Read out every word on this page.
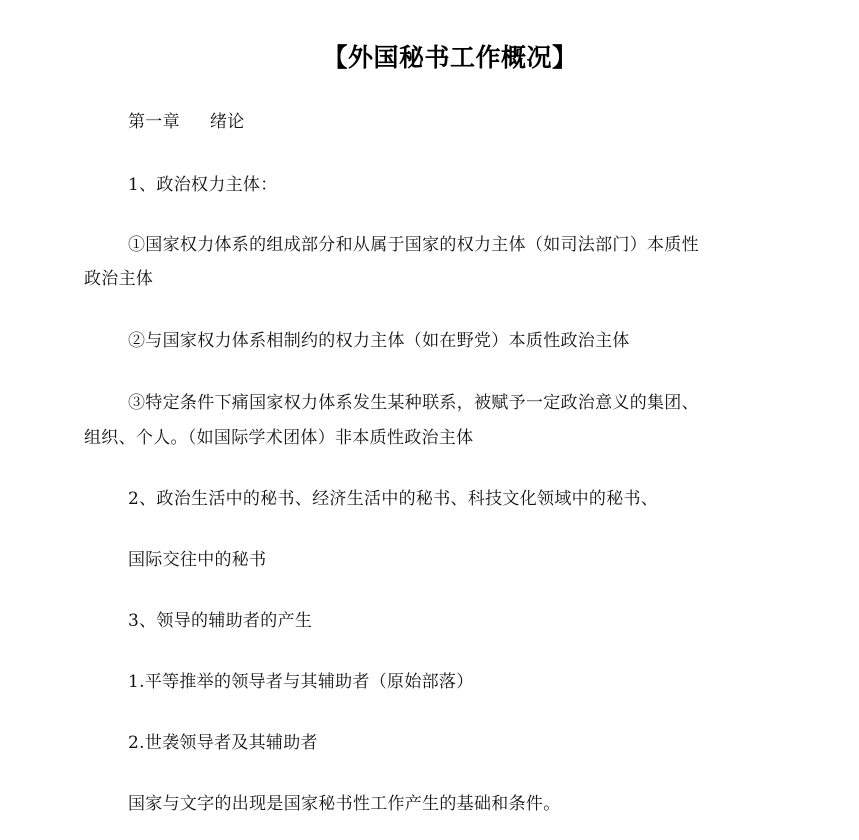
【外国秘书工作概况】
第一章 绪论
1、政治权力主体：
①国家权力体系的组成部分和从属于国家的权力主体（如司法部门）本质性
政治主体
②与国家权力体系相制约的权力主体（如在野党）本质性政治主体
③特定条件下痛国家权力体系发生某种联系，被赋予一定政治意义的集团、
组织、个人。（如国际学术团体）非本质性政治主体
2、政治生活中的秘书、经济生活中的秘书、科技文化领域中的秘书、
国际交往中的秘书
3、领导的辅助者的产生
1.平等推举的领导者与其辅助者（原始部落）
2.世袭领导者及其辅助者
国家与文字的出现是国家秘书性工作产生的基础和条件。
